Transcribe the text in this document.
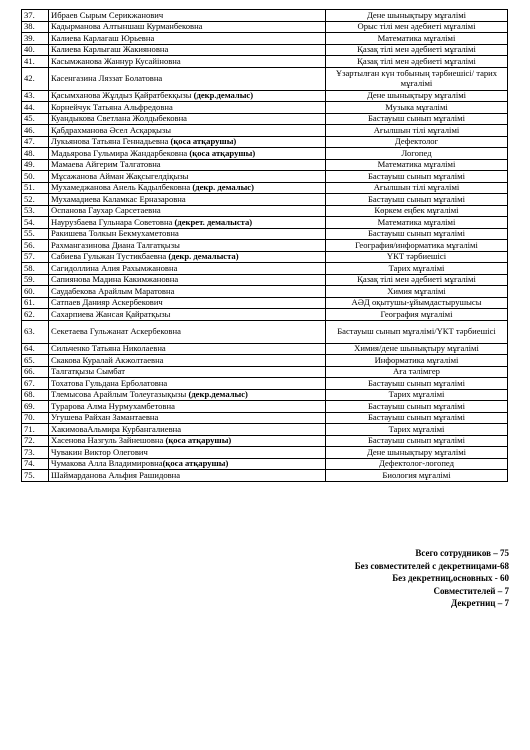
37.	Ибраев Сырым Серикжанович	Дене шынықтыру мұғалімі
38.	Кадырманова Алтыншаш Курманбековна	Орыс тілі мен әдебиеті мұғалімі
39.	Калиева Карлагаш Юрьевна	Математика мұғалімі
40.	Калиева Карлыгаш Жакияновна	Қазақ тілі мен әдебиеті мұғалімі
41.	Касымжанова Жаннур Кусайіновна	Қазақ тілі мен әдебиеті мұғалімі
42.	Касенгазина Ляззат Болатовна	Ұзартылған күн тобының тәрбиешісі/ тарих мұғалімі
43.	Қасымханова Жұлдыз Қайратбекқызы (декр.демалыс)	Дене шынықтыру мұғалімі
44.	Корнейчук Татьяна Альфредовна	Музыка мұғалімі
45.	Куандыкова Светлана Жолдыбековна	Бастауыш сынып мұғалімі
46.	Қабдрахманова Әсел Асқарқызы	Ағылшын тілі мұғалімі
47.	Лукьянова Татьяна Геннадьевна (қоса атқарушы)	Дефектолог
48.	Мадьярова Гульмира Жандарбековна (қоса атқарушы)	Логопед
49.	Мамаева Айгерим Талгатовна	Математика мұғалімі
50.	Мұсажанова Айман Жақсыгелдіқызы	Бастауыш сынып мұғалімі
51.	Мухамеджанова Анель Кадылбековна (декр. демалыс)	Ағылшын тілі мұғалімі
52.	Мухамадиева Каламкас Ерназаровна	Бастауыш сынып мұғалімі
53.	Оспанова Гаухар Сарсетаевна	Көркем еңбек мұғалімі
54.	Наурузбаева Гульнара Советовна (декрет. демалыста)	Математика мұғалімі
55.	Ракишева Толкын Бекмухаметовна	Бастауыш сынып мұғалімі
56.	Рахмангазинова Диана Талгатқызы	География/информатика мұғалімі
57.	Сабиева Гульжан Тустикбаевна (декр. демалыста)	ҮКТ тәрбиешісі
58.	Сагидоллина Алия Рахымжановна	Тарих мұғалімі
59.	Сапиянова Мадина Какимжановна	Қазақ тілі мен әдебиеті мұғалімі
60.	Саудабекова Арайлым Маратовна	Химия мұғалімі
61.	Сатпаев Данияр Аскербекович	АӘД оқытушы-ұйымдастырушысы
62.	Сахарпиева Жансая Қайратқызы	География мұғалімі
63.	Секетаева Гульжанат Аскербековна	Бастауыш сынып мұғалімі/ҮКТ тәрбиешісі
64.	Сильченко Татьяна Николаевна	Химия/дене шынықтыру мұғалімі
65.	Скакова Куралай Акжолтаевна	Информатика мұғалімі
66.	Талгатқызы Сымбат	Аға тәлімгер
67.	Тохатова Гульдана Ерболатовна	Бастауыш сынып мұғалімі
68.	Тлемысова Арайлым Толеугазықызы (декр.демалыс)	Тарих мұғалімі
69.	Турарова Алма Нурмухамбетовна	Бастауыш сынып мұғалімі
70.	Угушева Райхан Замантаевна	Бастауыш сынып мұғалімі
71.	ХакимоваАльмира Курбангалиевна	Тарих мұғалімі
72.	Хасенова Назгуль Зайнешовна (қоса атқарушы)	Бастауыш сынып мұғалімі
73.	Чувакин Виктор Олегович	Дене шынықтыру мұғалімі
74.	Чумакова Алла Владимировна(қоса атқарушы)	Дефектолог-логопед
75.	Шаймарданова Альфия Рашидовна	Биология мұғалімі
Всего сотрудников – 75
Без совместителей с декретницами-68
Без декретниц,основных - 60
Совместителей – 7
Декретниц – 7
